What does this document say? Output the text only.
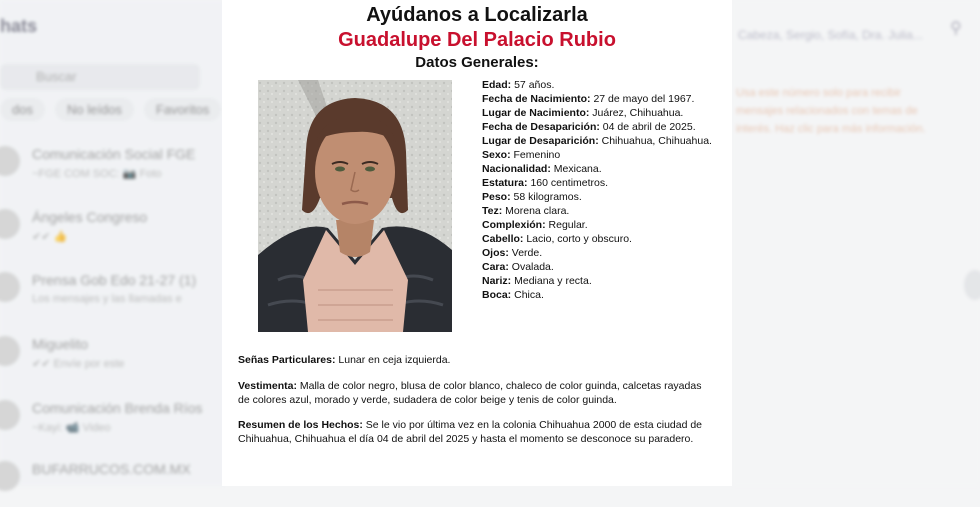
hats
Buscar
dos	No leídos	Favoritos
Comunicación Social FGE
~FGE COM SOC: 📷 Foto
Ángeles Congreso
✔✔ 👍
Prensa Gob Edo 21-27 (1)
Los mensajes y las llamadas e
Miguelito
✔✔ Envíe por este
Comunicación Brenda Ríos
~Kayi: 📹 Video
BUFARRUCOS.COM.MX
Cabeza, Sergio, Sofía, Dra. Julia... ⚲
Usa este número solo para recibir mensajes relacionados con temas de interés. Haz clic para más información.
Ayúdanos a Localizarla
Guadalupe Del Palacio Rubio
Datos Generales:
Edad: 57 años.
Fecha de Nacimiento: 27 de mayo del 1967.
Lugar de Nacimiento: Juárez, Chihuahua.
Fecha de Desaparición: 04 de abril de 2025.
Lugar de Desaparición: Chihuahua, Chihuahua.
Sexo: Femenino
Nacionalidad: Mexicana.
Estatura: 160 centimetros.
Peso: 58 kilogramos.
Tez: Morena clara.
Complexión: Regular.
Cabello: Lacio, corto y obscuro.
Ojos: Verde.
Cara: Ovalada.
Nariz: Mediana y recta.
Boca: Chica.
Señas Particulares: Lunar en ceja izquierda.
Vestimenta: Malla de color negro, blusa de color blanco, chaleco de color guinda, calcetas rayadas de colores azul, morado y verde, sudadera de color beige y tenis de color guinda.
Resumen de los Hechos: Se le vio por última vez en la colonia Chihuahua 2000 de esta ciudad de Chihuahua, Chihuahua el día 04 de abril del 2025 y hasta el momento se desconoce su paradero.
